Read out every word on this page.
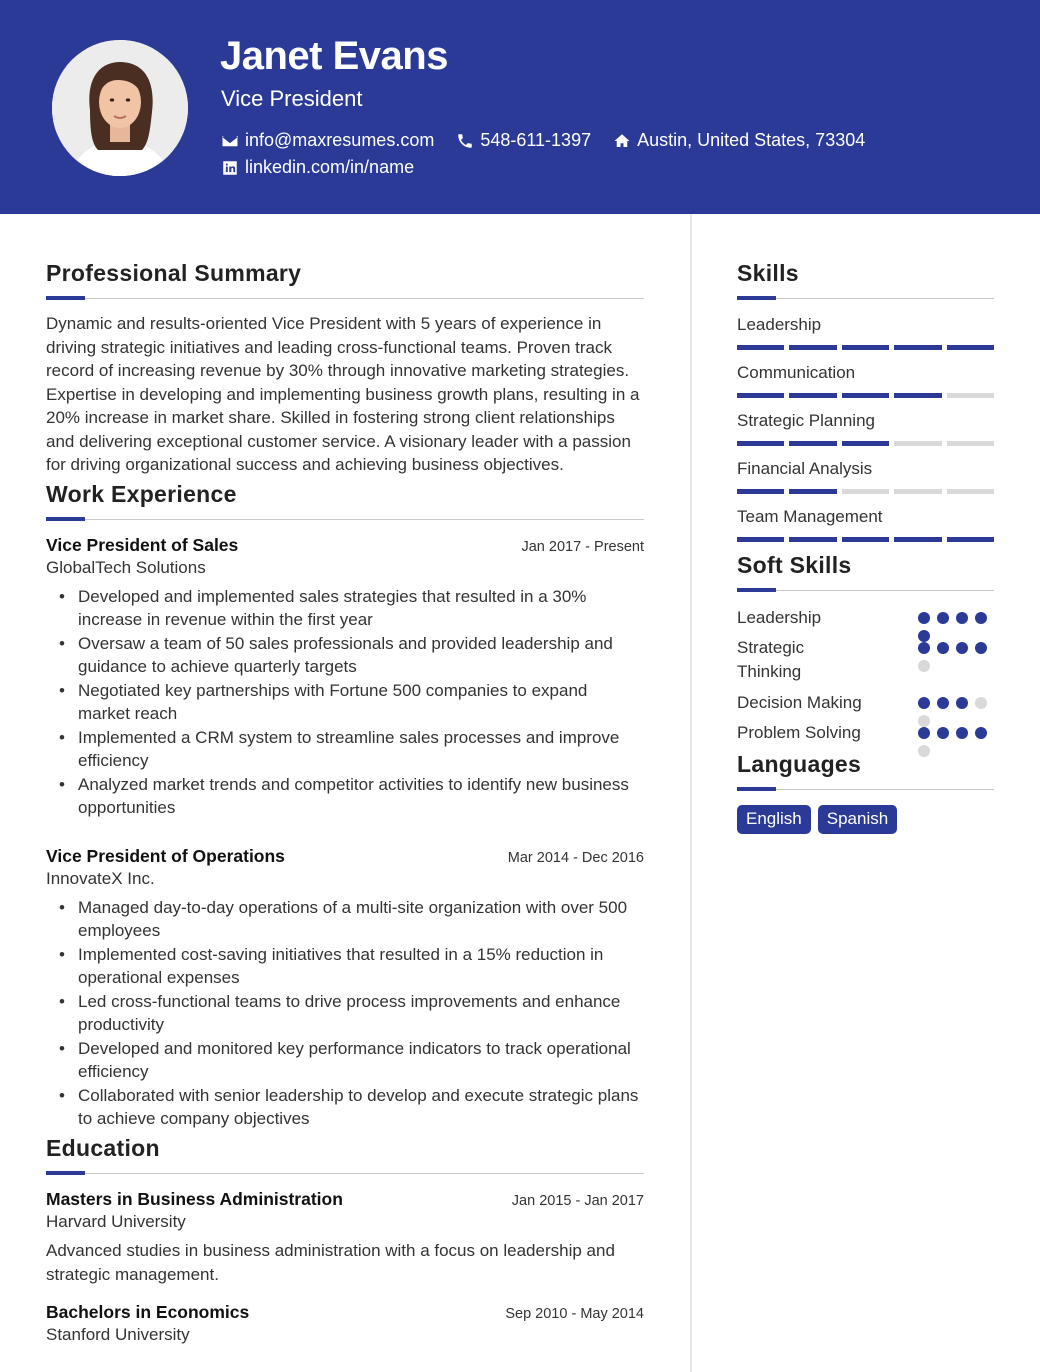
Janet Evans
Vice President
info@maxresumes.com	548-611-1397	Austin, United States, 73304
linkedin.com/in/name
Professional Summary

Dynamic and results-oriented Vice President with 5 years of experience in driving strategic initiatives and leading cross-functional teams. Proven track record of increasing revenue by 30% through innovative marketing strategies. Expertise in developing and implementing business growth plans, resulting in a 20% increase in market share. Skilled in fostering strong client relationships and delivering exceptional customer service. A visionary leader with a passion for driving organizational success and achieving business objectives.

Work Experience
Vice President of Sales	Jan 2017 - Present
GlobalTech Solutions
• Developed and implemented sales strategies that resulted in a 30% increase in revenue within the first year
• Oversaw a team of 50 sales professionals and provided leadership and guidance to achieve quarterly targets
• Negotiated key partnerships with Fortune 500 companies to expand market reach
• Implemented a CRM system to streamline sales processes and improve efficiency
• Analyzed market trends and competitor activities to identify new business opportunities
Vice President of Operations	Mar 2014 - Dec 2016
InnovateX Inc.
• Managed day-to-day operations of a multi-site organization with over 500 employees
• Implemented cost-saving initiatives that resulted in a 15% reduction in operational expenses
• Led cross-functional teams to drive process improvements and enhance productivity
• Developed and monitored key performance indicators to track operational efficiency
• Collaborated with senior leadership to develop and execute strategic plans to achieve company objectives
Education
Masters in Business Administration	Jan 2015 - Jan 2017
Harvard University

Advanced studies in business administration with a focus on leadership and strategic management.

Bachelors in Economics	Sep 2010 - May 2014
Stanford University
Skills
Leadership
Communication
Strategic Planning
Financial Analysis
Team Management
Soft Skills
Leadership
Strategic Thinking
Decision Making
Problem Solving
Languages
English	Spanish
